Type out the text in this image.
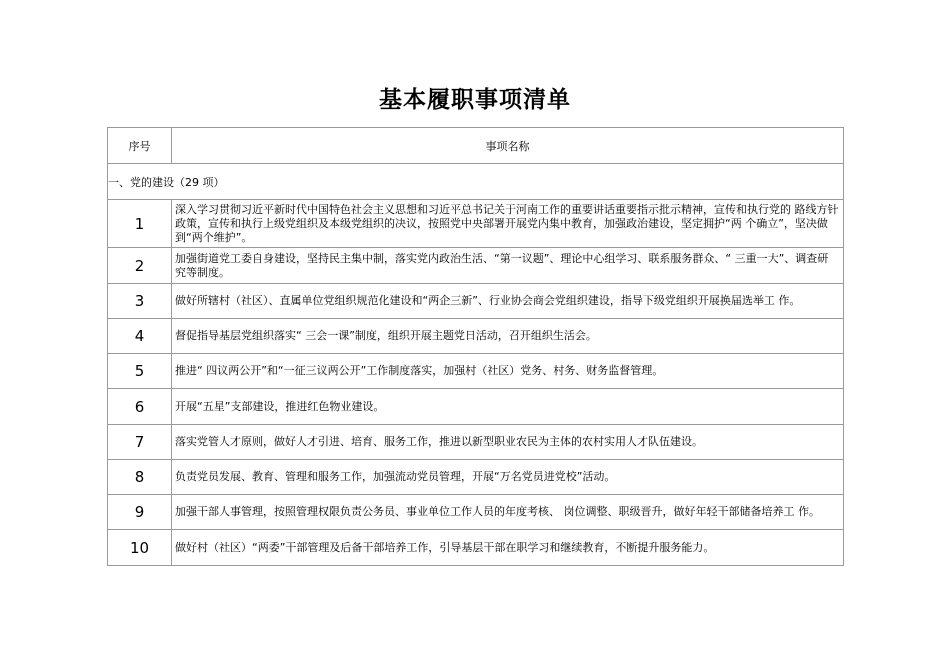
基本履职事项清单
序号	事项名称
一、党的建设（29 项）	
1	深入学习贯彻习近平新时代中国特色社会主义思想和习近平总书记关于河南工作的重要讲话重要指示批示精神，宣传和执行党的 路线方针政策，宣传和执行上级党组织及本级党组织的决议，按照党中央部署开展党内集中教育，加强政治建设，坚定拥护“两 个确立”，坚决做到“两个维护”。
2	加强街道党工委自身建设，坚持民主集中制，落实党内政治生活、“第一议题”、理论中心组学习、联系服务群众、“ 三重一大”、调查研究等制度。
3	做好所辖村（社区）、直属单位党组织规范化建设和“两企三新”、行业协会商会党组织建设，指导下级党组织开展换届选举工 作。
4	督促指导基层党组织落实“ 三会一课”制度，组织开展主题党日活动，召开组织生活会。
5	推进“ 四议两公开”和“一征三议两公开”工作制度落实，加强村（社区）党务、村务、财务监督管理。
6	开展“五星”支部建设，推进红色物业建设。
7	落实党管人才原则，做好人才引进、培育、服务工作，推进以新型职业农民为主体的农村实用人才队伍建设。
8	负责党员发展、教育、管理和服务工作，加强流动党员管理，开展“万名党员进党校”活动。
9	加强干部人事管理，按照管理权限负责公务员、事业单位工作人员的年度考核、 岗位调整、职级晋升，做好年轻干部储备培养工 作。
10	做好村（社区）“两委”干部管理及后备干部培养工作，引导基层干部在职学习和继续教育，不断提升服务能力。
